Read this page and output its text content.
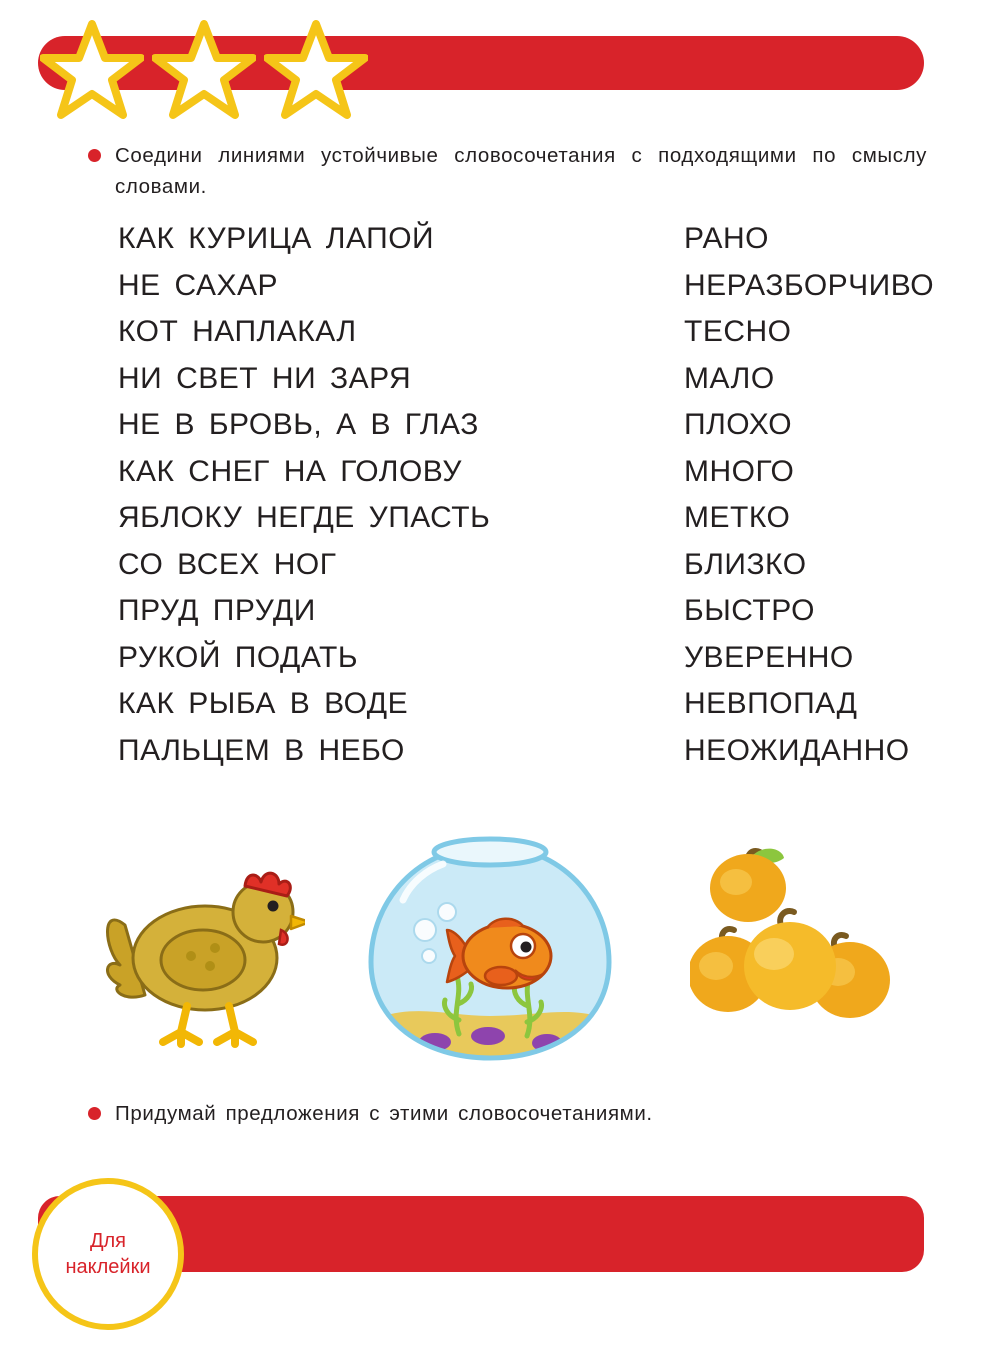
Соедини линиями устойчивые словосочетания с подходящими по смыслу словами.
КАК КУРИЦА ЛАПОЙ
НЕ САХАР
КОТ НАПЛАКАЛ
НИ СВЕТ НИ ЗАРЯ
НЕ В БРОВЬ, А В ГЛАЗ
КАК СНЕГ НА ГОЛОВУ
ЯБЛОКУ НЕГДЕ УПАСТЬ
СО ВСЕХ НОГ
ПРУД ПРУДИ
РУКОЙ ПОДАТЬ
КАК РЫБА В ВОДЕ
ПАЛЬЦЕМ В НЕБО
РАНО
НЕРАЗБОРЧИВО
ТЕСНО
МАЛО
ПЛОХО
МНОГО
МЕТКО
БЛИЗКО
БЫСТРО
УВЕРЕННО
НЕВПОПАД
НЕОЖИДАННО
Придумай предложения с этими словосочетаниями.
Для
наклейки
